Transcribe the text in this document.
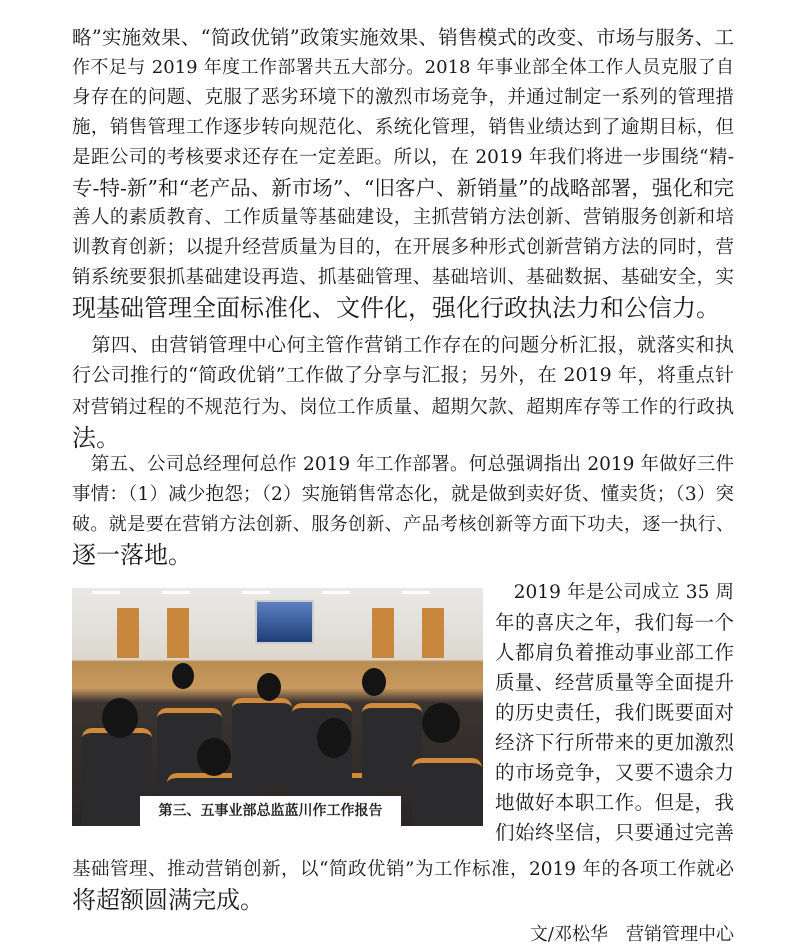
略”实施效果、“简政优销”政策实施效果、销售模式的改变、市场与服务、工
作不足与 2019 年度工作部署共五大部分。2018 年事业部全体工作人员克服了自
身存在的问题、克服了恶劣环境下的激烈市场竞争，并通过制定一系列的管理措
施，销售管理工作逐步转向规范化、系统化管理，销售业绩达到了逾期目标，但
是距公司的考核要求还存在一定差距。所以，在 2019 年我们将进一步围绕“精-
专-特-新”和“老产品、新市场”、“旧客户、新销量”的战略部署，强化和完
善人的素质教育、工作质量等基础建设，主抓营销方法创新、营销服务创新和培
训教育创新；以提升经营质量为目的，在开展多种形式创新营销方法的同时，营
销系统要狠抓基础建设再造、抓基础管理、基础培训、基础数据、基础安全，实
现基础管理全面标准化、文件化，强化行政执法力和公信力。
　第四、由营销管理中心何主管作营销工作存在的问题分析汇报，就落实和执
行公司推行的“简政优销”工作做了分享与汇报；另外，在 2019 年，将重点针
对营销过程的不规范行为、岗位工作质量、超期欠款、超期库存等工作的行政执
法。
　第五、公司总经理何总作 2019 年工作部署。何总强调指出 2019 年做好三件
事情：（1）减少抱怨；（2）实施销售常态化，就是做到卖好货、懂卖货；（3）突
破。就是要在营销方法创新、服务创新、产品考核创新等方面下功夫，逐一执行、
逐一落地。
　2019 年是公司成立 35 周
年的喜庆之年，我们每一个
人都肩负着推动事业部工作
质量、经营质量等全面提升
的历史责任，我们既要面对
经济下行所带来的更加激烈
的市场竞争，又要不遗余力
地做好本职工作。但是，我
们始终坚信，只要通过完善
基础管理、推动营销创新，以“简政优销”为工作标准，2019 年的各项工作就必
将超额圆满完成。
第三、五事业部总监蓝川作工作报告
文/邓松华　营销管理中心
